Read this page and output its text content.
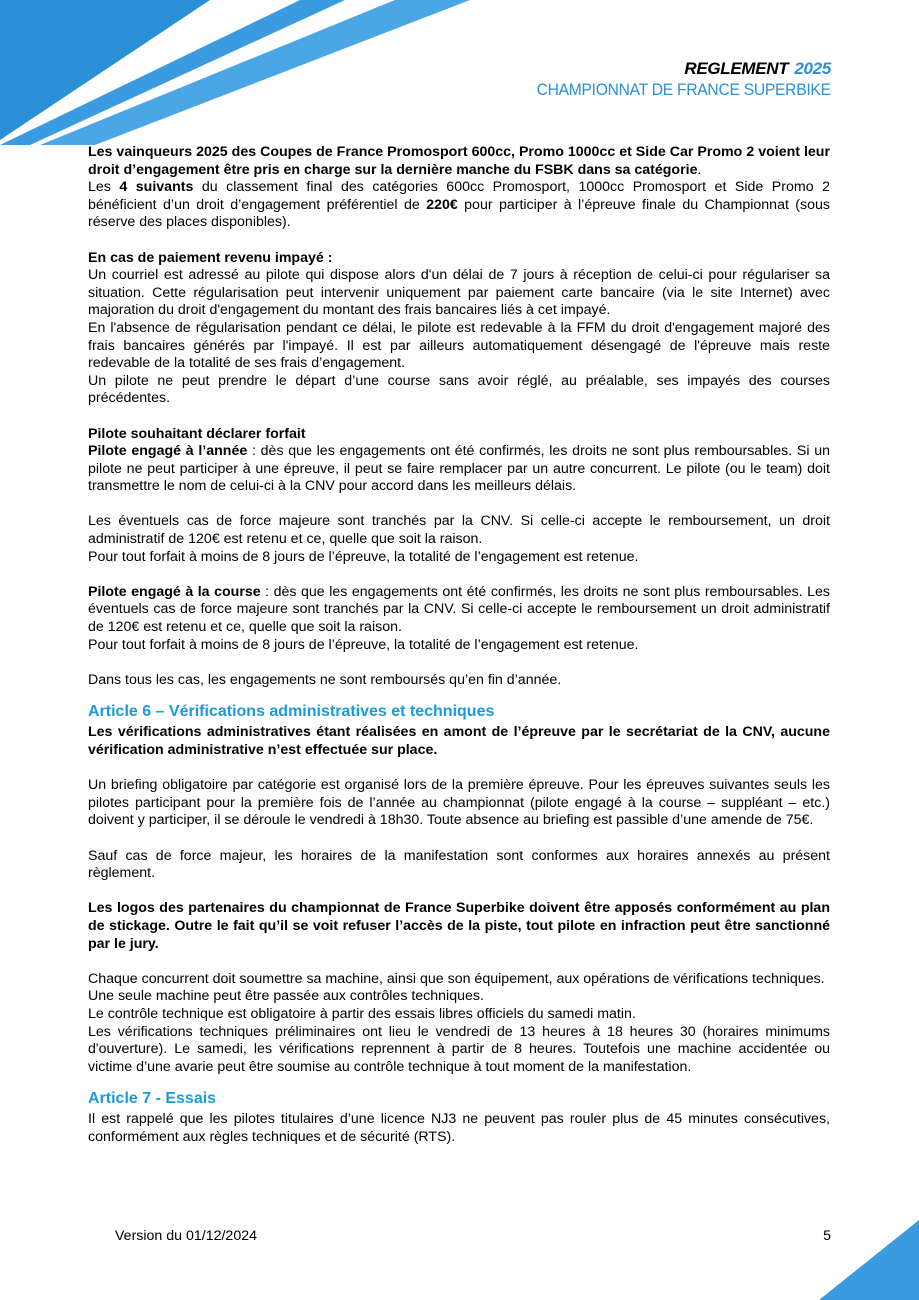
REGLEMENT 2025
CHAMPIONNAT DE FRANCE SUPERBIKE

Les vainqueurs 2025 des Coupes de France Promosport 600cc, Promo 1000cc et Side Car Promo 2 voient leur droit d’engagement être pris en charge sur la dernière manche du FSBK dans sa catégorie.

Les 4 suivants du classement final des catégories 600cc Promosport, 1000cc Promosport et Side Promo 2 bénéficient d’un droit d’engagement préférentiel de 220€ pour participer à l’épreuve finale du Championnat (sous réserve des places disponibles).

En cas de paiement revenu impayé :

Un courriel est adressé au pilote qui dispose alors d'un délai de 7 jours à réception de celui-ci pour régulariser sa situation. Cette régularisation peut intervenir uniquement par paiement carte bancaire (via le site Internet) avec majoration du droit d'engagement du montant des frais bancaires liés à cet impayé.

En l'absence de régularisation pendant ce délai, le pilote est redevable à la FFM du droit d'engagement majoré des frais bancaires générés par l'impayé. Il est par ailleurs automatiquement désengagé de l'épreuve mais reste redevable de la totalité de ses frais d’engagement.

Un pilote ne peut prendre le départ d’une course sans avoir réglé, au préalable, ses impayés des courses précédentes.

Pilote souhaitant déclarer forfait

Pilote engagé à l’année : dès que les engagements ont été confirmés, les droits ne sont plus remboursables. Si un pilote ne peut participer à une épreuve, il peut se faire remplacer par un autre concurrent. Le pilote (ou le team) doit transmettre le nom de celui-ci à la CNV pour accord dans les meilleurs délais.

Les éventuels cas de force majeure sont tranchés par la CNV. Si celle-ci accepte le remboursement, un droit administratif de 120€ est retenu et ce, quelle que soit la raison.

Pour tout forfait à moins de 8 jours de l’épreuve, la totalité de l’engagement est retenue.

Pilote engagé à la course : dès que les engagements ont été confirmés, les droits ne sont plus remboursables. Les éventuels cas de force majeure sont tranchés par la CNV. Si celle-ci accepte le remboursement un droit administratif de 120€ est retenu et ce, quelle que soit la raison.

Pour tout forfait à moins de 8 jours de l’épreuve, la totalité de l’engagement est retenue.

Dans tous les cas, les engagements ne sont remboursés qu’en fin d’année.

Article 6 – Vérifications administratives et techniques

Les vérifications administratives étant réalisées en amont de l’épreuve par le secrétariat de la CNV, aucune vérification administrative n’est effectuée sur place.

Un briefing obligatoire par catégorie est organisé lors de la première épreuve. Pour les épreuves suivantes seuls les pilotes participant pour la première fois de l’année au championnat (pilote engagé à la course – suppléant – etc.) doivent y participer, il se déroule le vendredi à 18h30. Toute absence au briefing est passible d’une amende de 75€.

Sauf cas de force majeur, les horaires de la manifestation sont conformes aux horaires annexés au présent règlement.

Les logos des partenaires du championnat de France Superbike doivent être apposés conformément au plan de stickage. Outre le fait qu’il se voit refuser l’accès de la piste, tout pilote en infraction peut être sanctionné par le jury.

Chaque concurrent doit soumettre sa machine, ainsi que son équipement, aux opérations de vérifications techniques.

Une seule machine peut être passée aux contrôles techniques.

Le contrôle technique est obligatoire à partir des essais libres officiels du samedi matin.

Les vérifications techniques préliminaires ont lieu le vendredi de 13 heures à 18 heures 30 (horaires minimums d'ouverture). Le samedi, les vérifications reprennent à partir de 8 heures. Toutefois une machine accidentée ou victime d’une avarie peut être soumise au contrôle technique à tout moment de la manifestation.

Article 7 - Essais

Il est rappelé que les pilotes titulaires d’une licence NJ3 ne peuvent pas rouler plus de 45 minutes consécutives, conformément aux règles techniques et de sécurité (RTS).

Version du 01/12/2024	5
